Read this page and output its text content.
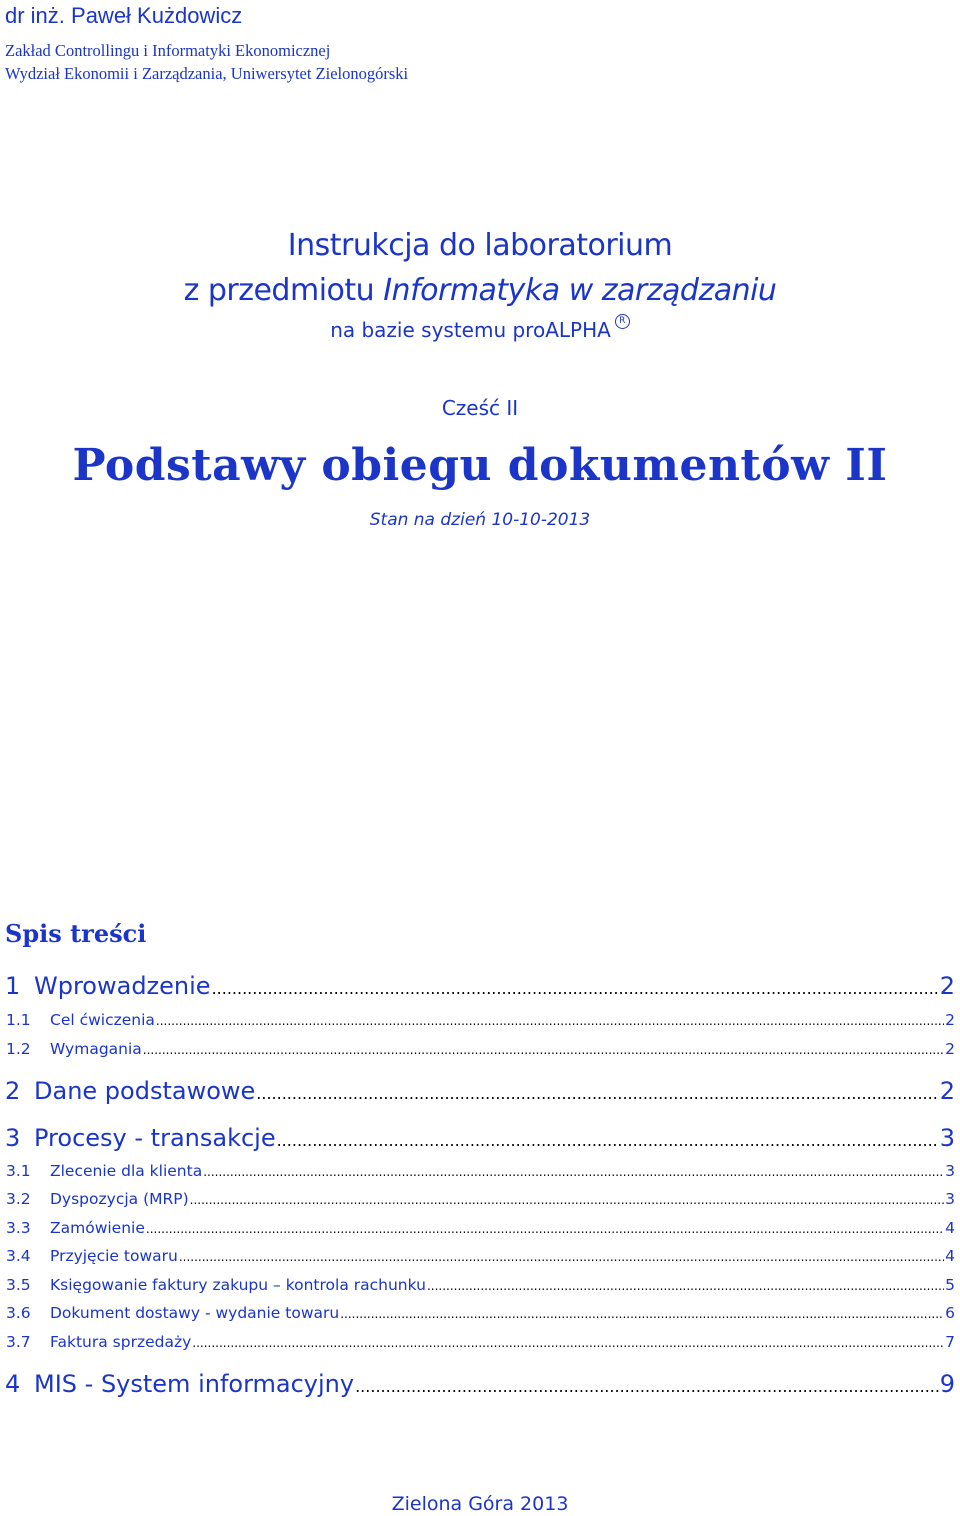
dr inż. Paweł Kużdowicz
Zakład Controllingu i Informatyki Ekonomicznej
Wydział Ekonomii i Zarządzania, Uniwersytet Zielonogórski
Instrukcja do laboratorium
z przedmiotu Informatyka w zarządzaniu
na bazie systemu proALPHA R
Cześć II
Podstawy obiegu dokumentów II
Stan na dzień 10-10-2013
Spis treści
1 Wprowadzenie .....	2
1.1	Cel ćwiczenia .....	2
1.2	Wymagania .....	2
2 Dane podstawowe .....	2
3 Procesy - transakcje .....	3
3.1	Zlecenie dla klienta .....	3
3.2	Dyspozycja (MRP) .....	3
3.3	Zamówienie .....	4
3.4	Przyjęcie towaru .....	4
3.5	Księgowanie faktury zakupu – kontrola rachunku .....	5
3.6	Dokument dostawy - wydanie towaru .....	6
3.7	Faktura sprzedaży .....	7
4 MIS - System informacyjny .....	9
Zielona Góra 2013
